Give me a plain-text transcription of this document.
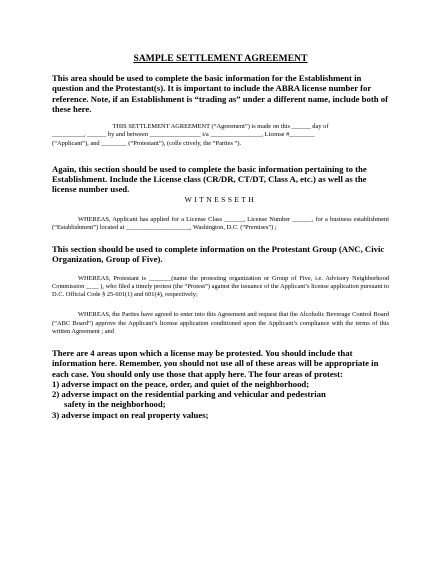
SAMPLE SETTLEMENT AGREEMENT

This area should be used to complete the basic information for the Establishment in question and the Protestant(s). It is important to include the ABRA license number for reference. Note, if an Establishment is “trading as” under a different name, include both of these here.

THIS SETTLEMENT AGREEMENT (“Agreement”) is made on this ______ day of

__________, ______ by and between ________________ t/a ________________, License #________

(“Applicant”), and ________ (“Protestant”), (colle ctively, the “Parties ”).

Again, this section should be used to complete the basic information pertaining to the Establishment. Include the License class (CR/DR, CT/DT, Class A, etc.) as well as the license number used.

WITNESSETH

WHEREAS, Applicant has applied for a License Class ______, License Number ______, for a business establishment (“Establishment”) located at ____________________, Washington, D.C. (“Premises”) ;

This section should be used to complete information on the Protestant Group (ANC, Civic Organization, Group of Five).

WHEREAS, Protestant is _______(name the protesting organization or Group of Five, i.e. Advisory Neighborhood Commission ____ ), who filed a timely protest (the “Protest”) against the issuance of the Applicant’s license application pursuant to D.C. Official Code § 25-601(1) and 601(4), respectively;

WHEREAS, the Parties have agreed to enter into this Agreement and request that the Alcoholic Beverage Control Board (“ABC Board”) approve the Applicant’s license application conditioned upon the Applicant’s compliance with the terms of this written Agreement ; and

There are 4 areas upon which a license may be protested. You should include that information here. Remember, you should not use all of these areas will be appropriate in each case. You should only use those that apply here. The four areas of protest:

1) adverse impact on the peace, order, and quiet of the neighborhood;
2) adverse impact on the residential parking and vehicular and pedestrian
safety in the neighborhood;
3) adverse impact on real property values;
